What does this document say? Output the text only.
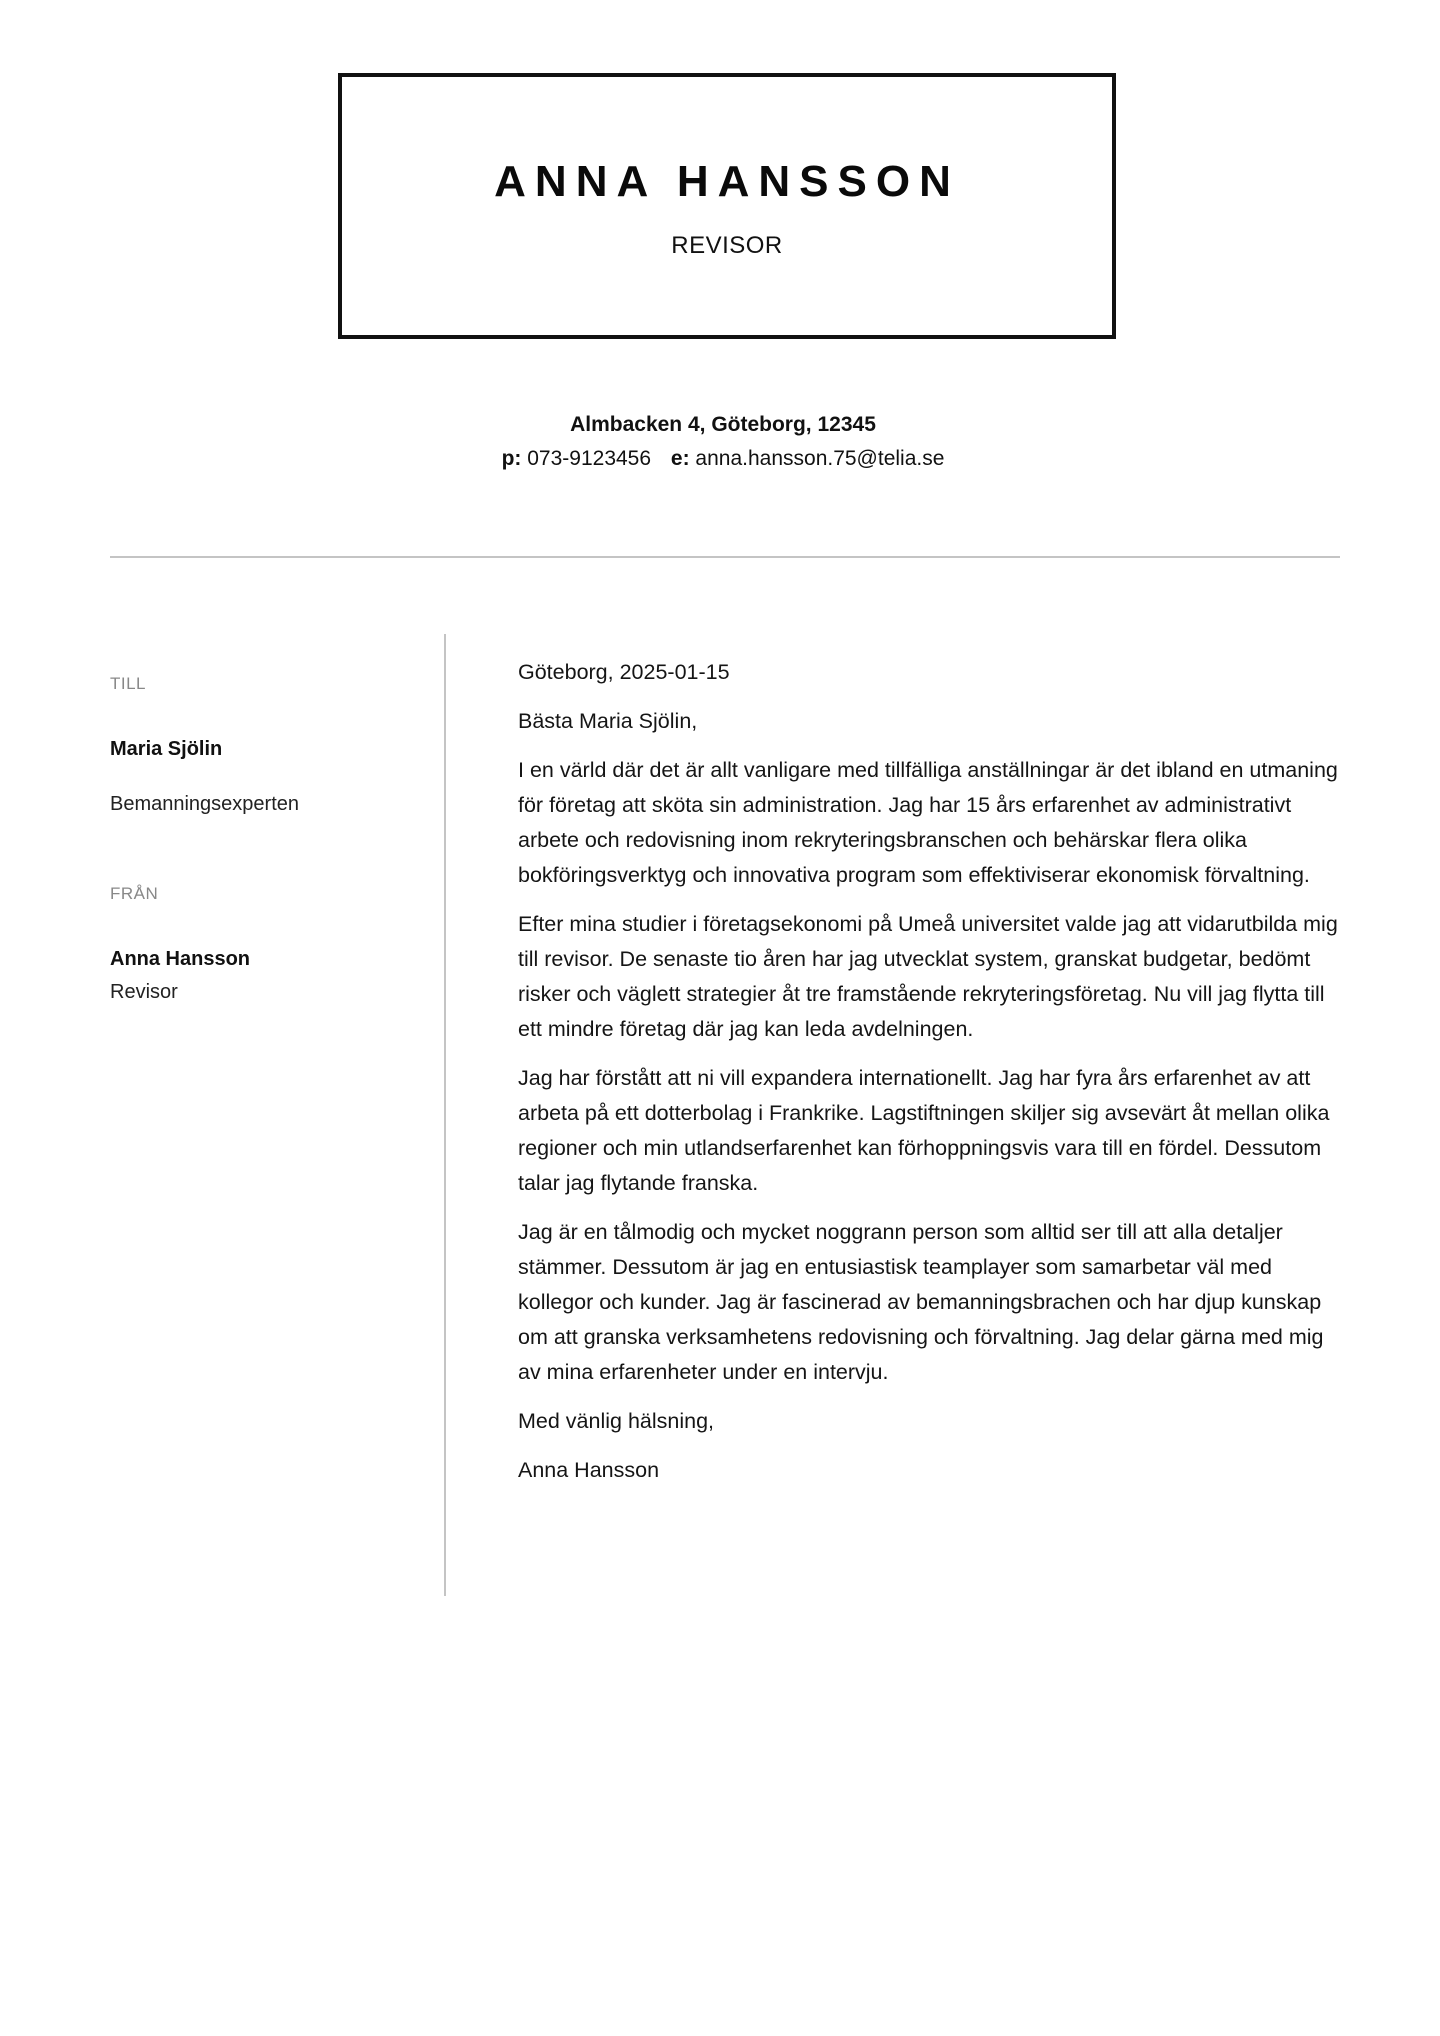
ANNA HANSSON
REVISOR
Almbacken 4, Göteborg, 12345
p: 073-9123456 e: anna.hansson.75@telia.se
TILL
Maria Sjölin
Bemanningsexperten
FRÅN
Anna Hansson
Revisor

Göteborg, 2025-01-15

Bästa Maria Sjölin,

I en värld där det är allt vanligare med tillfälliga anställningar är det ibland en utmaning för företag att sköta sin administration. Jag har 15 års erfarenhet av administrativt arbete och redovisning inom rekryteringsbranschen och behärskar flera olika bokföringsverktyg och innovativa program som effektiviserar ekonomisk förvaltning.

Efter mina studier i företagsekonomi på Umeå universitet valde jag att vidarutbilda mig till revisor. De senaste tio åren har jag utvecklat system, granskat budgetar, bedömt risker och väglett strategier åt tre framstående rekryteringsföretag. Nu vill jag flytta till ett mindre företag där jag kan leda avdelningen.

Jag har förstått att ni vill expandera internationellt. Jag har fyra års erfarenhet av att arbeta på ett dotterbolag i Frankrike. Lagstiftningen skiljer sig avsevärt åt mellan olika regioner och min utlandserfarenhet kan förhoppningsvis vara till en fördel. Dessutom talar jag flytande franska.

Jag är en tålmodig och mycket noggrann person som alltid ser till att alla detaljer stämmer. Dessutom är jag en entusiastisk teamplayer som samarbetar väl med kollegor och kunder. Jag är fascinerad av bemanningsbrachen och har djup kunskap om att granska verksamhetens redovisning och förvaltning. Jag delar gärna med mig av mina erfarenheter under en intervju.

Med vänlig hälsning,

Anna Hansson
